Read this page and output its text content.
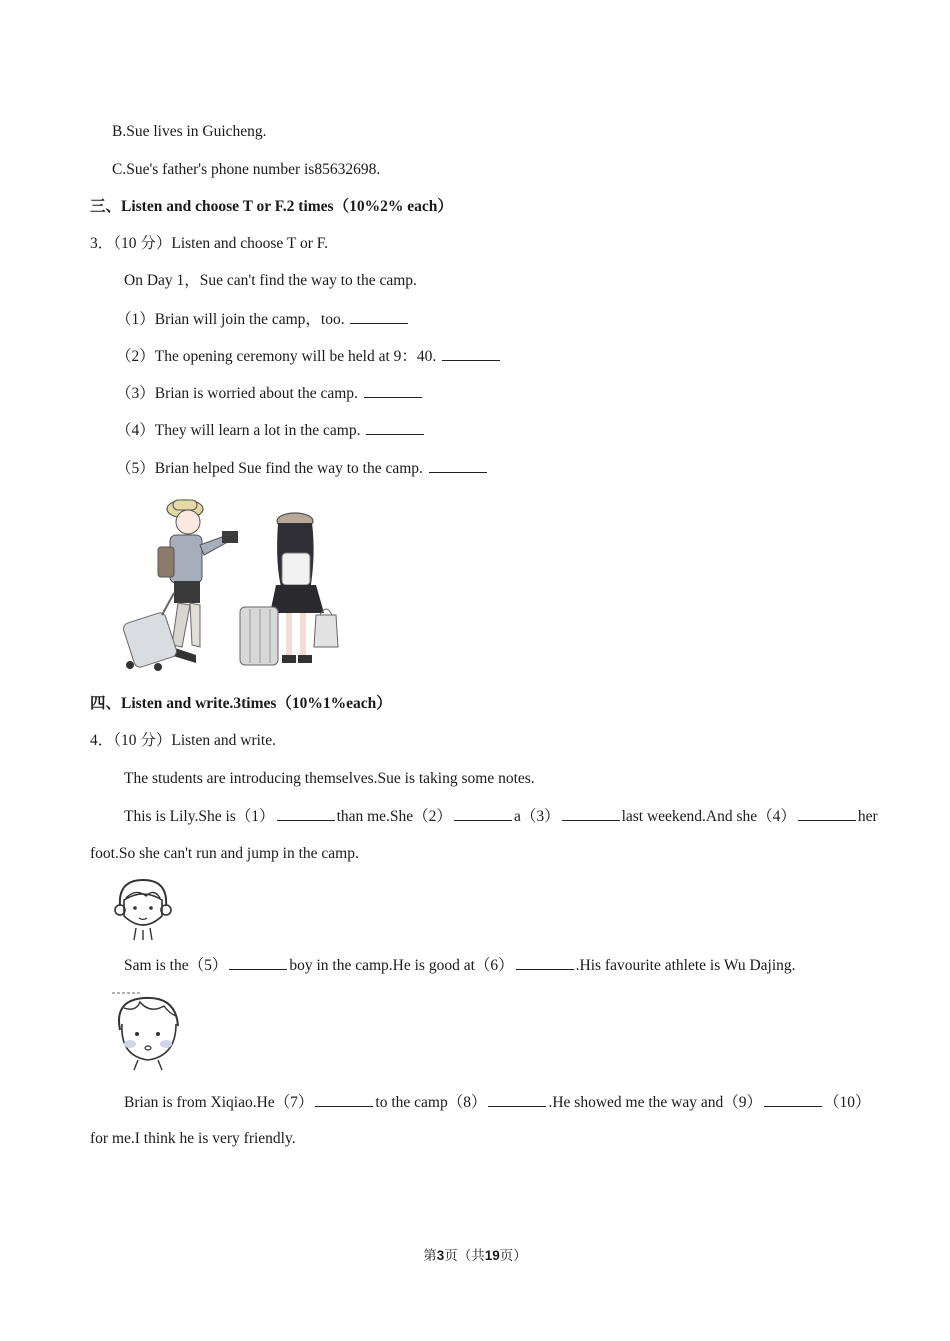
B.Sue lives in Guicheng.
C.Sue's father's phone number is85632698.
三、Listen and choose T or F.2 times（10%2% each）
3．（10 分）Listen and choose T or F.
On Day 1，Sue can't find the way to the camp.
（1）Brian will join the camp，too.
（2）The opening ceremony will be held at 9：40.
（3）Brian is worried about the camp.
（4）They will learn a lot in the camp.
（5）Brian helped Sue find the way to the camp.
四、Listen and write.3times（10%1%each）
4．（10 分）Listen and write.
The students are introducing themselves.Sue is taking some notes.
This is Lily.She is（1）	than me.She（2）	a（3）	last weekend.And she（4）	her
foot.So she can't run and jump in the camp.
Sam is the（5）	boy in the camp.He is good at（6）	.His favourite athlete is Wu Dajing.
Brian is from Xiqiao.He（7）	to the camp（8）	.He showed me the way and（9）	（10）
for me.I think he is very friendly.
第3页（共19页）
